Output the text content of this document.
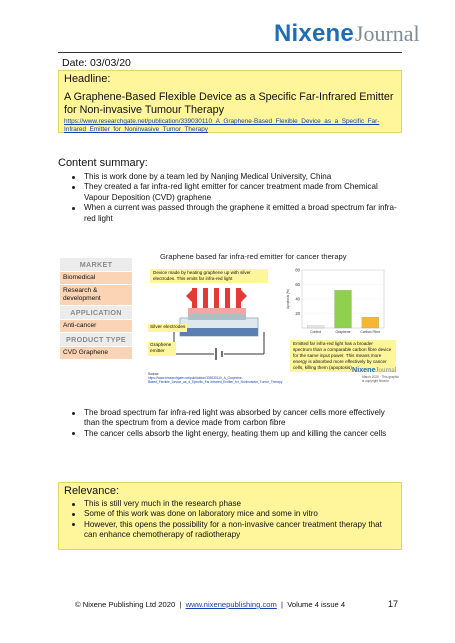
NixeneJournal
Date: 03/03/20
Headline:
A Graphene-Based Flexible Device as a Specific Far-Infrared Emitter for Non-invasive Tumour Therapy
https://www.researchgate.net/publication/339030110_A_Graphene-Based_Flexible_Device_as_a_Specific_Far-Infrared_Emitter_for_Noninvasive_Tumor_Therapy
Content summary:
This is work done by a team led by Nanjing Medical University, China
They created a far infra-red light emitter for cancer treatment made from Chemical Vapour Deposition (CVD) graphene
When a current was passed through the graphene it emitted a broad spectrum far infra-red light
MARKET
Biomedical
Research & development
APPLICATION
Anti-cancer
PRODUCT TYPE
CVD Graphene
Graphene based far infra-red emitter for cancer therapy
Device made by heating graphene up with silver electrodes. This emits far infra-red light
Silver electrodes
Graphene emitter
Apoptosis (%)
20
40
60
80
Control	Graphene	Carbon Fibre
Emitted far infra-red light has a broader spectrum than a comparable carbon fibre device for the same input power. This means more energy is absorbed more effectively by cancer cells, killing them (apoptosis)
Source:
https://www.researchgate.net/publication/339030110_A_Graphene-Based_Flexible_Device_as_a_Specific_Far-Infrared_Emitter_for_Noninvasive_Tumor_Therapy
NixeneJournal
March 2020 · This graphic is copyright Nixene
The broad spectrum far infra-red light was absorbed by cancer cells more effectively than the spectrum from a device made from carbon fibre
The cancer cells absorb the light energy, heating them up and killing the cancer cells
Relevance:
This is still very much in the research phase
Some of this work was done on laboratory mice and some in vitro
However, this opens the possibility for a non-invasive cancer treatment therapy that can enhance chemotherapy of radiotherapy
© Nixene Publishing Ltd 2020 | www.nixenepublishing.com | Volume 4 issue 4	17
